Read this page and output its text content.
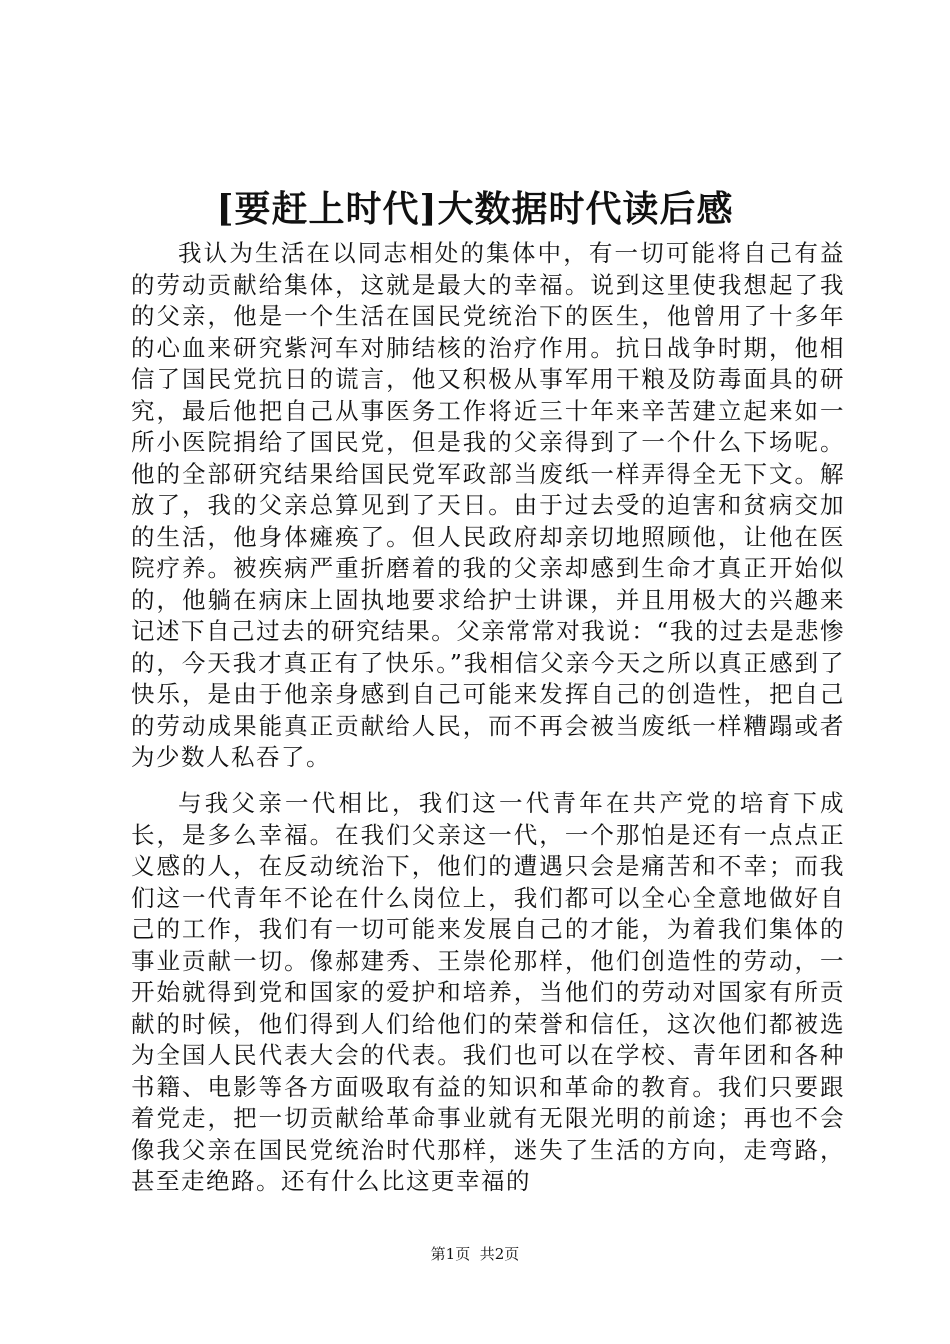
[要赶上时代]大数据时代读后感

我认为生活在以同志相处的集体中，有一切可能将自己有益的劳动贡献给集体，这就是最大的幸福。说到这里使我想起了我的父亲，他是一个生活在国民党统治下的医生，他曾用了十多年的心血来研究紫河车对肺结核的治疗作用。抗日战争时期，他相信了国民党抗日的谎言，他又积极从事军用干粮及防毒面具的研究，最后他把自己从事医务工作将近三十年来辛苦建立起来如一所小医院捐给了国民党，但是我的父亲得到了一个什么下场呢。他的全部研究结果给国民党军政部当废纸一样弄得全无下文。解放了，我的父亲总算见到了天日。由于过去受的迫害和贫病交加的生活，他身体瘫痪了。但人民政府却亲切地照顾他，让他在医院疗养。被疾病严重折磨着的我的父亲却感到生命才真正开始似的，他躺在病床上固执地要求给护士讲课，并且用极大的兴趣来记述下自己过去的研究结果。父亲常常对我说：“我的过去是悲惨的，今天我才真正有了快乐。”我相信父亲今天之所以真正感到了快乐，是由于他亲身感到自己可能来发挥自己的创造性，把自己的劳动成果能真正贡献给人民，而不再会被当废纸一样糟蹋或者为少数人私吞了。

与我父亲一代相比，我们这一代青年在共产党的培育下成长，是多么幸福。在我们父亲这一代，一个那怕是还有一点点正义感的人，在反动统治下，他们的遭遇只会是痛苦和不幸；而我们这一代青年不论在什么岗位上，我们都可以全心全意地做好自己的工作，我们有一切可能来发展自己的才能，为着我们集体的事业贡献一切。像郝建秀、王崇伦那样，他们创造性的劳动，一开始就得到党和国家的爱护和培养，当他们的劳动对国家有所贡献的时候，他们得到人们给他们的荣誉和信任，这次他们都被选为全国人民代表大会的代表。我们也可以在学校、青年团和各种书籍、电影等各方面吸取有益的知识和革命的教育。我们只要跟着党走，把一切贡献给革命事业就有无限光明的前途；再也不会像我父亲在国民党统治时代那样，迷失了生活的方向，走弯路，甚至走绝路。还有什么比这更幸福的

第1页 共2页
